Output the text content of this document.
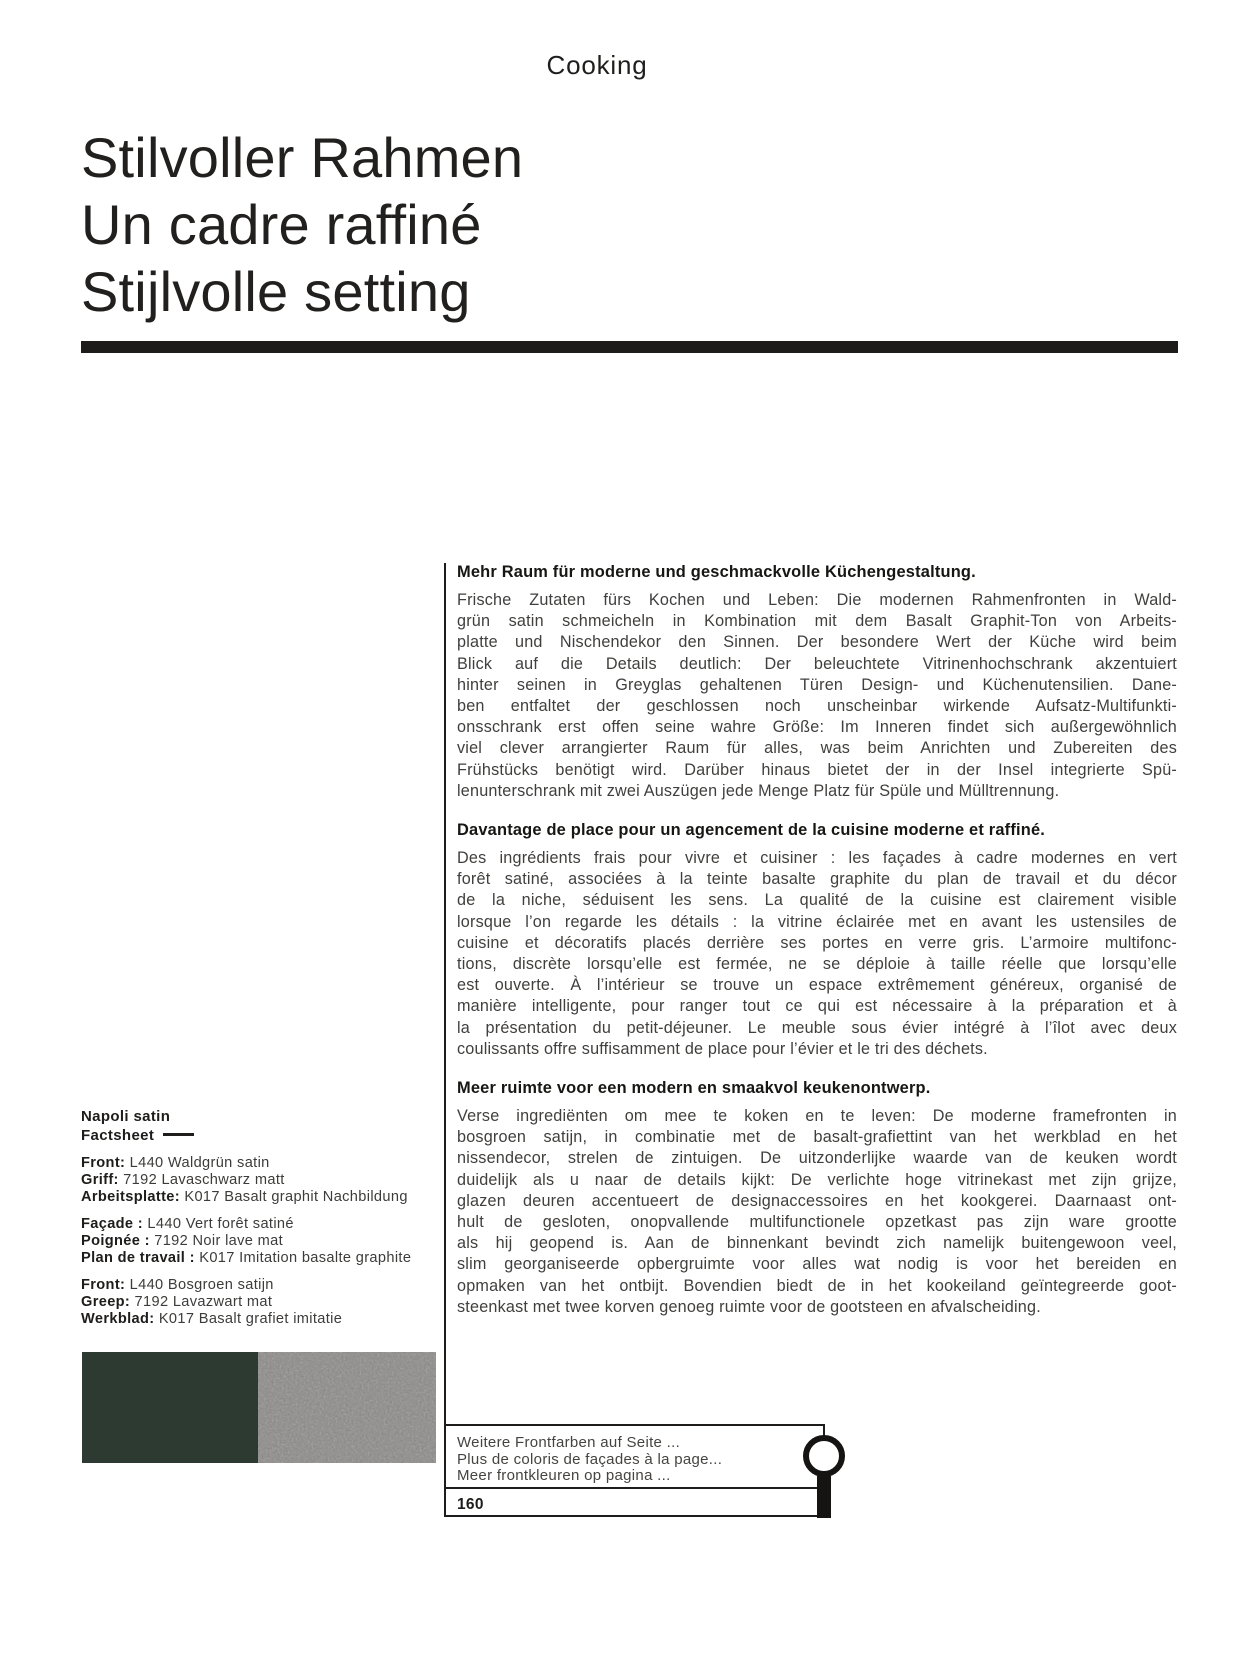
Cooking
Stilvoller Rahmen
Un cadre raffiné
Stijlvolle setting
Mehr Raum für moderne und geschmackvolle Küchengestaltung.
Frische Zutaten fürs Kochen und Leben: Die modernen Rahmenfronten in Wald-
grün satin schmeicheln in Kombination mit dem Basalt Graphit-Ton von Arbeits-
platte und Nischendekor den Sinnen. Der besondere Wert der Küche wird beim
Blick auf die Details deutlich: Der beleuchtete Vitrinenhochschrank akzentuiert
hinter seinen in Greyglas gehaltenen Türen Design- und Küchenutensilien. Dane-
ben entfaltet der geschlossen noch unscheinbar wirkende Aufsatz-Multifunkti-
onsschrank erst offen seine wahre Größe: Im Inneren findet sich außergewöhnlich
viel clever arrangierter Raum für alles, was beim Anrichten und Zubereiten des
Frühstücks benötigt wird. Darüber hinaus bietet der in der Insel integrierte Spü-
lenunterschrank mit zwei Auszügen jede Menge Platz für Spüle und Mülltrennung.
Davantage de place pour un agencement de la cuisine moderne et raffiné.
Des ingrédients frais pour vivre et cuisiner : les façades à cadre modernes en vert
forêt satiné, associées à la teinte basalte graphite du plan de travail et du décor
de la niche, séduisent les sens. La qualité de la cuisine est clairement visible
lorsque l’on regarde les détails : la vitrine éclairée met en avant les ustensiles de
cuisine et décoratifs placés derrière ses portes en verre gris. L’armoire multifonc-
tions, discrète lorsqu’elle est fermée, ne se déploie à taille réelle que lorsqu’elle
est ouverte. À l’intérieur se trouve un espace extrêmement généreux, organisé de
manière intelligente, pour ranger tout ce qui est nécessaire à la préparation et à
la présentation du petit-déjeuner. Le meuble sous évier intégré à l’îlot avec deux
coulissants offre suffisamment de place pour l’évier et le tri des déchets.
Meer ruimte voor een modern en smaakvol keukenontwerp.
Verse ingrediënten om mee te koken en te leven: De moderne framefronten in
bosgroen satijn, in combinatie met de basalt-grafiettint van het werkblad en het
nissendecor, strelen de zintuigen. De uitzonderlijke waarde van de keuken wordt
duidelijk als u naar de details kijkt: De verlichte hoge vitrinekast met zijn grijze,
glazen deuren accentueert de designaccessoires en het kookgerei. Daarnaast ont-
hult de gesloten, onopvallende multifunctionele opzetkast pas zijn ware grootte
als hij geopend is. Aan de binnenkant bevindt zich namelijk buitengewoon veel,
slim georganiseerde opbergruimte voor alles wat nodig is voor het bereiden en
opmaken van het ontbijt. Bovendien biedt de in het kookeiland geïntegreerde goot-
steenkast met twee korven genoeg ruimte voor de gootsteen en afvalscheiding.
Napoli satin
Factsheet
Front: L440 Waldgrün satin
Griff: 7192 Lavaschwarz matt
Arbeitsplatte: K017 Basalt graphit Nachbildung
Façade : L440 Vert forêt satiné
Poignée : 7192 Noir lave mat
Plan de travail : K017 Imitation basalte graphite
Front: L440 Bosgroen satijn
Greep: 7192 Lavazwart mat
Werkblad: K017 Basalt grafiet imitatie
Weitere Frontfarben auf Seite ...
Plus de coloris de façades à la page...
Meer frontkleuren op pagina ...
160
